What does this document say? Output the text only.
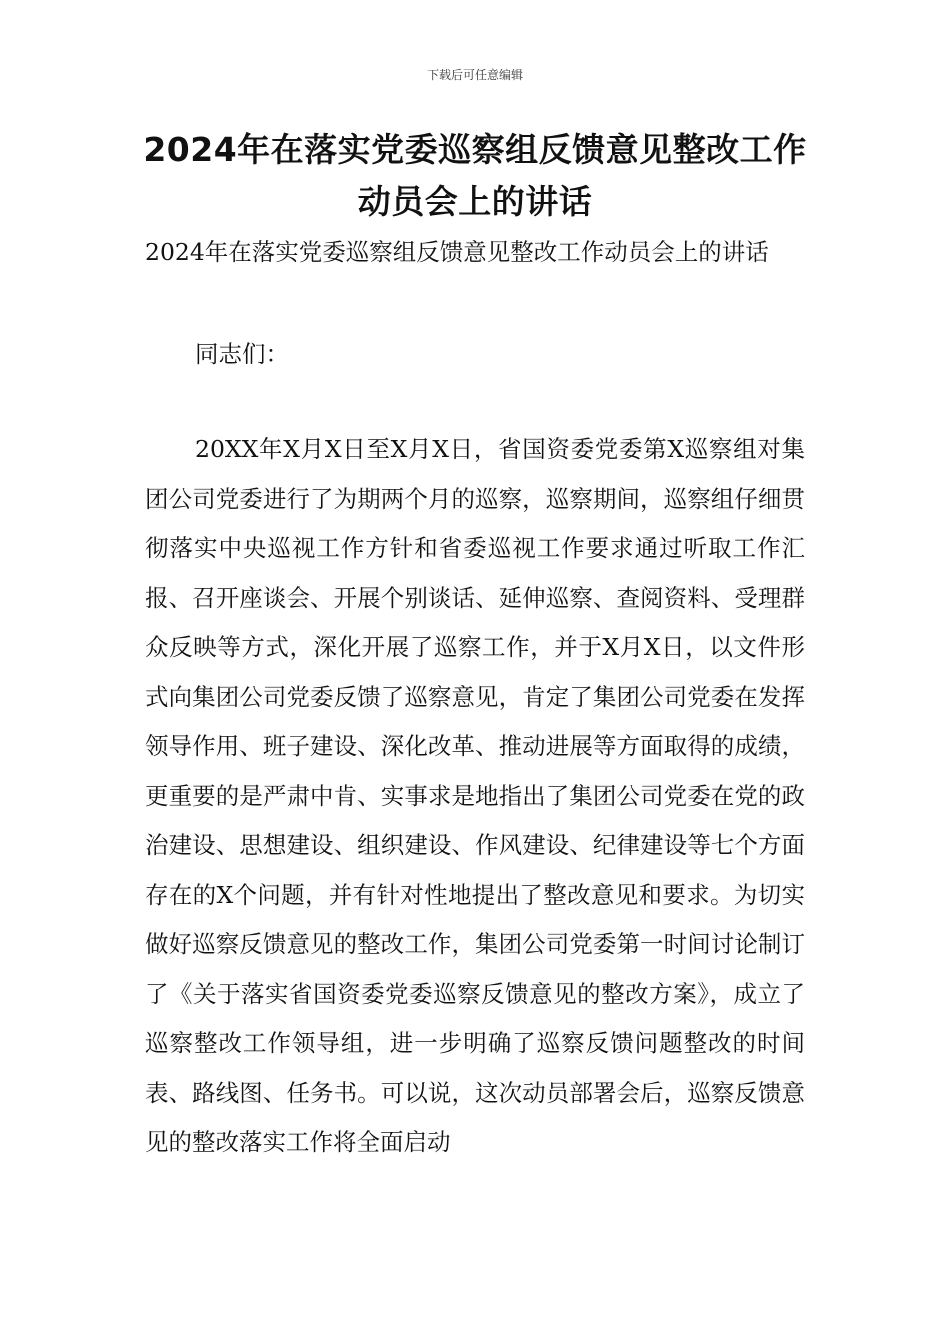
下载后可任意编辑
2024年在落实党委巡察组反馈意见整改工作动员会上的讲话
2024年在落实党委巡察组反馈意见整改工作动员会上的讲话
同志们：
20XX年X月X日至X月X日，省国资委党委第X巡察组对集团公司党委进行了为期两个月的巡察，巡察期间，巡察组仔细贯彻落实中央巡视工作方针和省委巡视工作要求通过听取工作汇报、召开座谈会、开展个别谈话、延伸巡察、查阅资料、受理群众反映等方式，深化开展了巡察工作，并于X月X日，以文件形式向集团公司党委反馈了巡察意见，肯定了集团公司党委在发挥领导作用、班子建设、深化改革、推动进展等方面取得的成绩，更重要的是严肃中肯、实事求是地指出了集团公司党委在党的政治建设、思想建设、组织建设、作风建设、纪律建设等七个方面存在的X个问题，并有针对性地提出了整改意见和要求。为切实做好巡察反馈意见的整改工作，集团公司党委第一时间讨论制订了《关于落实省国资委党委巡察反馈意见的整改方案》，成立了巡察整改工作领导组，进一步明确了巡察反馈问题整改的时间表、路线图、任务书。可以说，这次动员部署会后，巡察反馈意见的整改落实工作将全面启动
